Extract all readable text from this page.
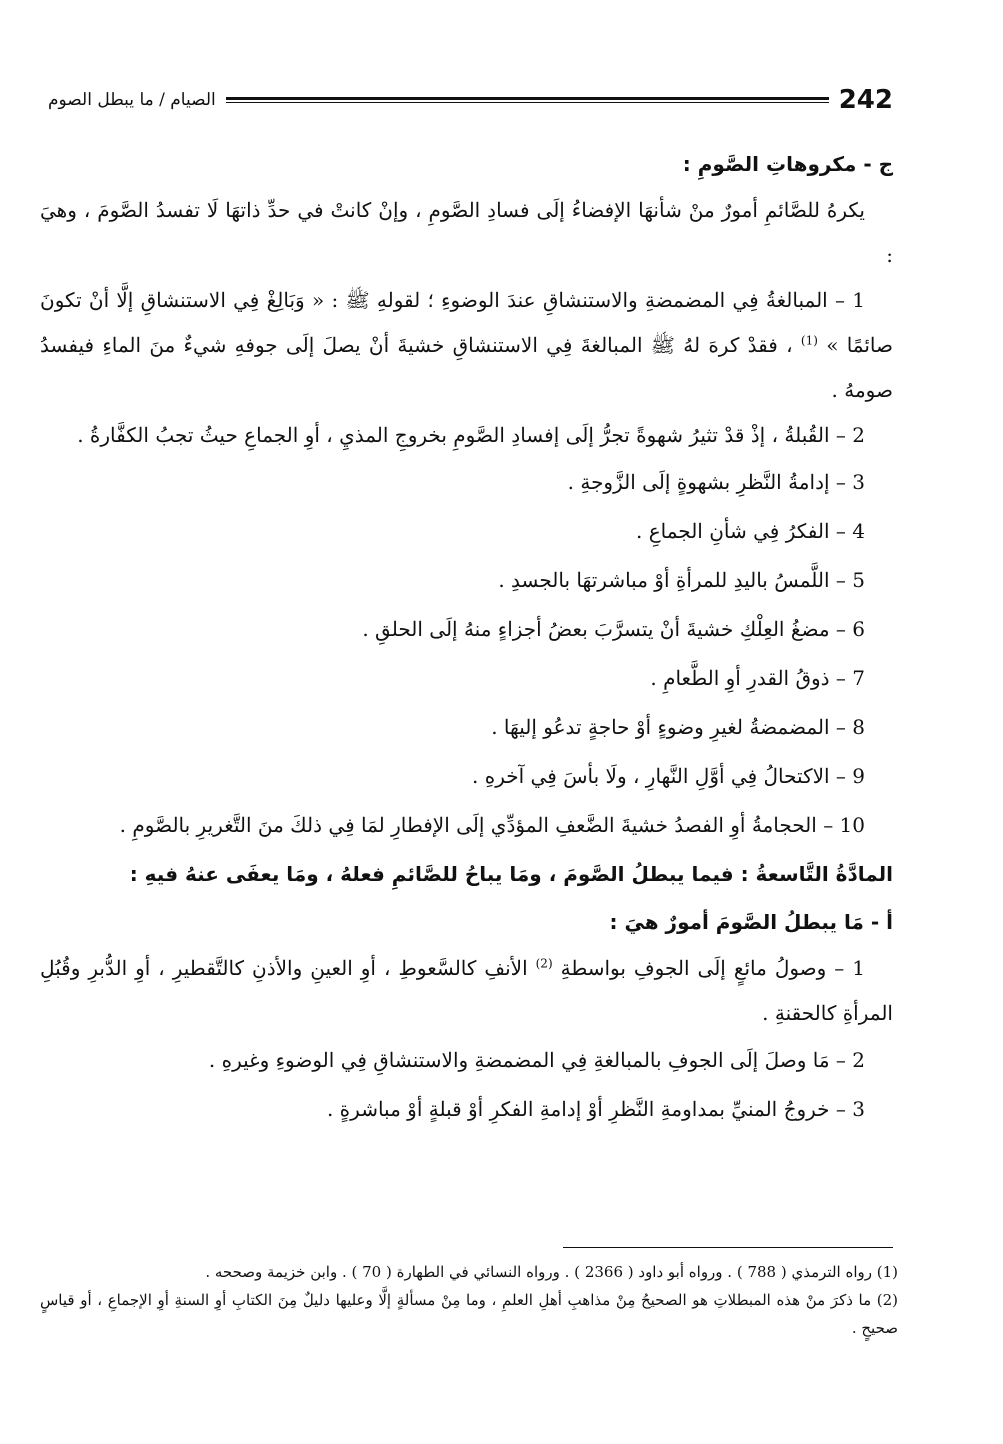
242
الصيام / ما يبطل الصوم
ج - مكروهاتِ الصَّومِ :

يكرهُ للصَّائمِ أمورٌ منْ شأنهَا الإفضاءُ إلَى فسادِ الصَّومِ ، وإنْ كانتْ في حدِّ ذاتهَا لَا تفسدُ الصَّومَ ، وهيَ :

1 – المبالغةُ فِي المضمضةِ والاستنشاقِ عندَ الوضوءِ ؛ لقولهِ ﷺ : « وَبَالِغْ فِي الاستنشاقِ إلَّا أنْ تكونَ صائمًا » $^{(1)}$ ، فقدْ كرهَ لهُ ﷺ المبالغةَ فِي الاستنشاقِ خشيةَ أنْ يصلَ إلَى جوفهِ شيءٌ منَ الماءِ فيفسدُ صومهُ .

2 – القُبلةُ ، إذْ قدْ تثيرُ شهوةً تجرُّ إلَى إفسادِ الصَّومِ بخروجِ المذيِ ، أوِ الجماعِ حيثُ تجبُ الكفَّارةُ .

3 – إدامةُ النَّظرِ بشهوةٍ إلَى الزَّوجةِ .

4 – الفكرُ فِي شأنِ الجماعِ .

5 – اللَّمسُ باليدِ للمرأةِ أوْ مباشرتهَا بالجسدِ .

6 – مضغُ العِلْكِ خشيةَ أنْ يتسرَّبَ بعضُ أجزاءٍ منهُ إلَى الحلقِ .

7 – ذوقُ القدرِ أوِ الطَّعامِ .

8 – المضمضةُ لغيرِ وضوءٍ أوْ حاجةٍ تدعُو إليهَا .

9 – الاكتحالُ فِي أوَّلِ النَّهارِ ، ولَا بأسَ فِي آخرهِ .

10 – الحجامةُ أوِ الفصدُ خشيةَ الضَّعفِ المؤدِّي إلَى الإفطارِ لمَا فِي ذلكَ منَ التَّغريرِ بالصَّومِ .

المادَّةُ التَّاسعةُ : فيما يبطلُ الصَّومَ ، ومَا يباحُ للصَّائمِ فعلهُ ، ومَا يعفَى عنهُ فيهِ :
أ - مَا يبطلُ الصَّومَ أمورٌ هيَ :

1 – وصولُ مائعٍ إلَى الجوفِ بواسطةِ $^{(2)}$ الأنفِ كالسَّعوطِ ، أوِ العينِ والأذنِ كالتَّقطيرِ ، أوِ الدُّبرِ وقُبُلِ المرأةِ كالحقنةِ .

2 – مَا وصلَ إلَى الجوفِ بالمبالغةِ فِي المضمضةِ والاستنشاقِ فِي الوضوءِ وغيرهِ .

3 – خروجُ المنيِّ بمداومةِ النَّظرِ أوْ إدامةِ الفكرِ أوْ قبلةٍ أوْ مباشرةٍ .

(1) رواه الترمذي ( 788 ) . ورواه أبو داود ( 2366 ) . ورواه النسائي في الطهارة ( 70 ) . وابن خزيمة وصححه .

(2) ما ذكرَ منْ هذه المبطلاتِ هو الصحيحُ مِنْ مذاهبِ أهلِ العلمِ ، وما مِنْ مسألةٍ إلَّا وعليها دليلٌ مِنَ الكتابِ أوِ السنةِ أوِ الإجماعِ ، أو قياسٍ صحيحٍ .
